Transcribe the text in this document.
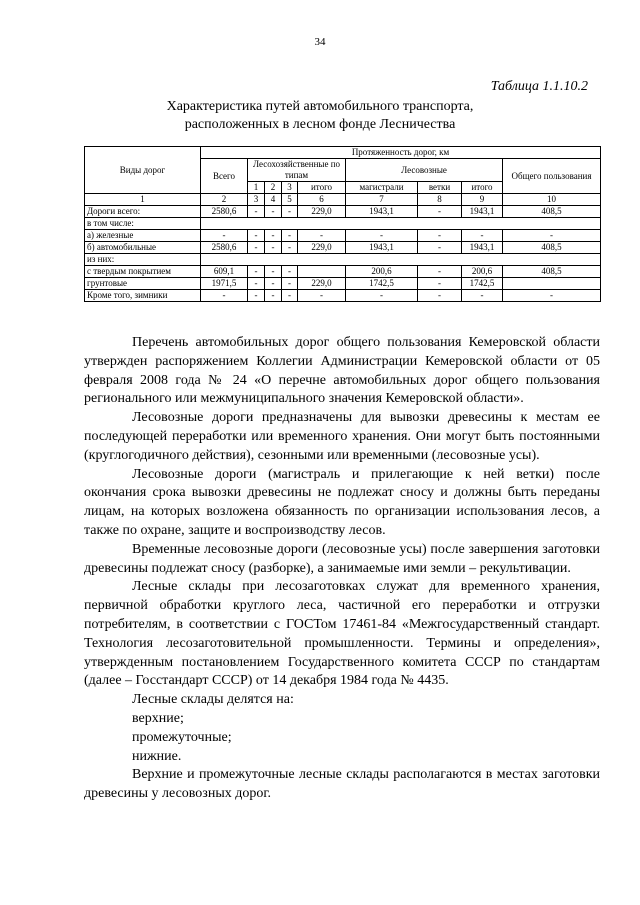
34
Таблица 1.1.10.2
Характеристика путей автомобильного транспорта,
расположенных в лесном фонде Лесничества
Виды дорог	Протяженность дорог, км								
	Всего	Лесохозяйственные по типам				Лесовозные			Общего пользования
		1	2	3	итого	магистрали	ветки	итого	
1	2	3	4	5	6	7	8	9	10
Дороги всего:	2580,6	-	-	-	229,0	1943,1	-	1943,1	408,5
в том числе:									
а) железные	-	-	-	-	-	-	-	-	-
б) автомобильные	2580,6	-	-	-	229,0	1943,1	-	1943,1	408,5
из них:									
с твердым покрытием	609,1	-	-	-		200,6	-	200,6	408,5
грунтовые	1971,5	-	-	-	229,0	1742,5	-	1742,5	
Кроме того, зимники	-	-	-	-	-	-	-	-	-

Перечень автомобильных дорог общего пользования Кемеровской области утвержден распоряжением Коллегии Администрации Кемеровской области от 05 февраля 2008 года № 24 «О перечне автомобильных дорог общего пользования регионального или межмуниципального значения Кемеровской области».

Лесовозные дороги предназначены для вывозки древесины к местам ее последующей переработки или временного хранения. Они могут быть постоянными (круглогодичного действия), сезонными или временными (лесовозные усы).

Лесовозные дороги (магистраль и прилегающие к ней ветки) после окончания срока вывозки древесины не подлежат сносу и должны быть переданы лицам, на которых возложена обязанность по организации использования лесов, а также по охране, защите и воспроизводству лесов.

Временные лесовозные дороги (лесовозные усы) после завершения заготовки древесины подлежат сносу (разборке), а занимаемые ими земли – рекультивации.

Лесные склады при лесозаготовках служат для временного хранения, первичной обработки круглого леса, частичной его переработки и отгрузки потребителям, в соответствии с ГОСТом 17461-84 «Межгосударственный стандарт. Технология лесозаготовительной промышленности. Термины и определения», утвержденным постановлением Государственного комитета СССР по стандартам (далее – Госстандарт СССР) от 14 декабря 1984 года № 4435.

Лесные склады делятся на:

верхние;

промежуточные;

нижние.

Верхние и промежуточные лесные склады располагаются в местах заготовки древесины у лесовозных дорог.
